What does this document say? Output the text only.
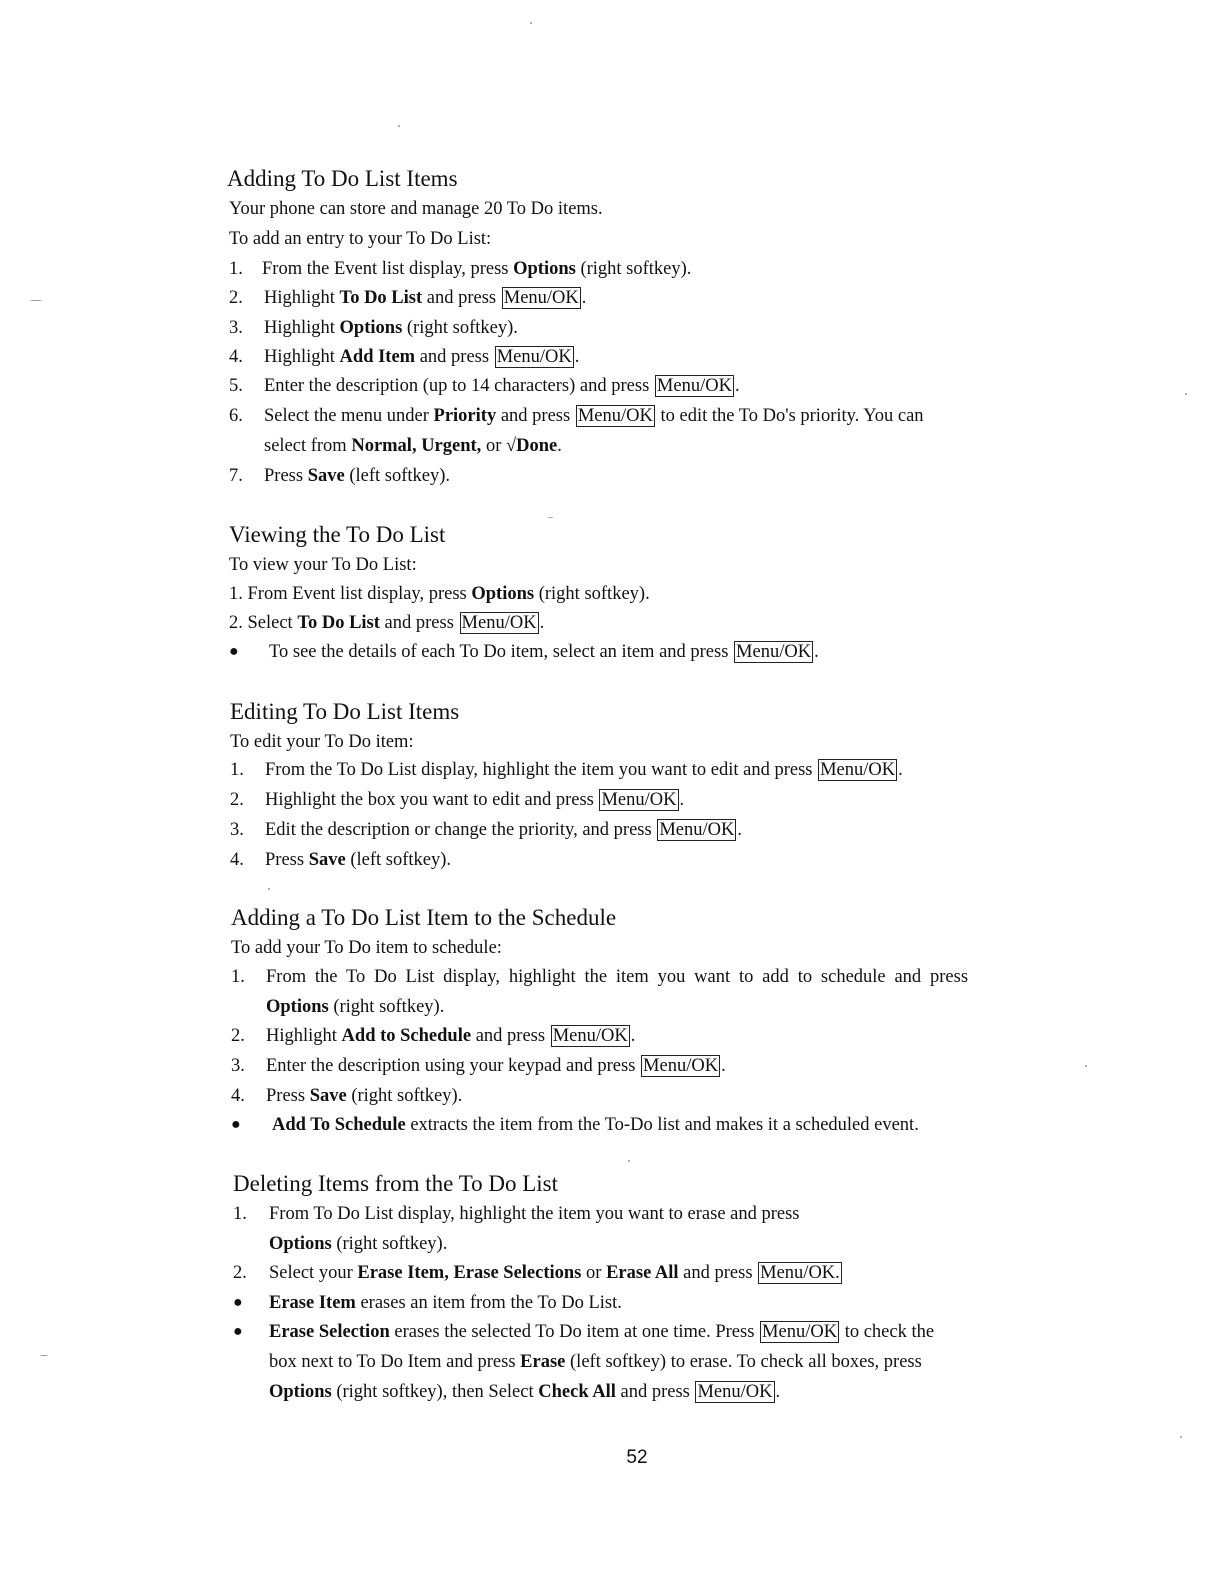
Adding To Do List Items

Your phone can store and manage 20 To Do items.

To add an entry to your To Do List:

1.	From the Event list display, press Options (right softkey).

2.	Highlight To Do List and press Menu/OK .

3.	Highlight Options (right softkey).

4.	Highlight Add Item and press Menu/OK .

5.	Enter the description (up to 14 characters) and press Menu/OK .

6.	Select the menu under Priority and press Menu/OK to edit the To Do's priority. You can

select from Normal, Urgent, or √Done.

7.	Press Save (left softkey).

Viewing the To Do List

To view your To Do List:

1. From Event list display, press Options (right softkey).

2. Select To Do List and press Menu/OK .

● To see the details of each To Do item, select an item and press Menu/OK .

Editing To Do List Items

To edit your To Do item:

1.	From the To Do List display, highlight the item you want to edit and press Menu/OK .

2.	Highlight the box you want to edit and press Menu/OK .

3.	Edit the description or change the priority, and press Menu/OK .

4.	Press Save (left softkey).

Adding a To Do List Item to the Schedule

To add your To Do item to schedule:

1.	From the To Do List display, highlight the item you want to add to schedule and press

Options (right softkey).

2.	Highlight Add to Schedule and press Menu/OK .

3.	Enter the description using your keypad and press Menu/OK .

4.	Press Save (right softkey).

● Add To Schedule extracts the item from the To-Do list and makes it a scheduled event.

Deleting Items from the To Do List

1.	From To Do List display, highlight the item you want to erase and press

Options (right softkey).

2.	Select your Erase Item, Erase Selections or Erase All and press Menu/OK.

● Erase Item erases an item from the To Do List.

● Erase Selection erases the selected To Do item at one time. Press Menu/OK to check the

box next to To Do Item and press Erase (left softkey) to erase. To check all boxes, press

Options (right softkey), then Select Check All and press Menu/OK .

52
